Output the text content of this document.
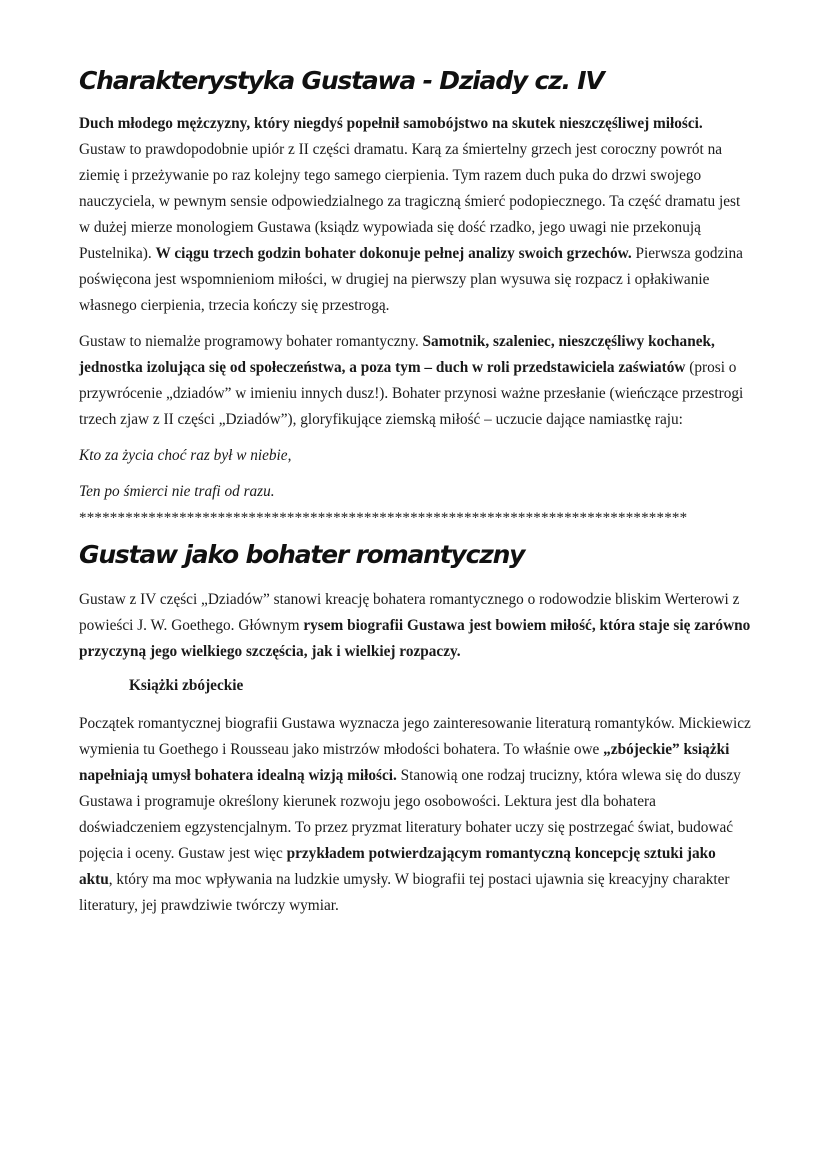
Charakterystyka Gustawa - Dziady cz. IV

Duch młodego mężczyzny, który niegdyś popełnił samobójstwo na skutek nieszczęśliwej miłości. Gustaw to prawdopodobnie upiór z II części dramatu. Karą za śmiertelny grzech jest coroczny powrót na ziemię i przeżywanie po raz kolejny tego samego cierpienia. Tym razem duch puka do drzwi swojego nauczyciela, w pewnym sensie odpowiedzialnego za tragiczną śmierć podopiecznego. Ta część dramatu jest w dużej mierze monologiem Gustawa (ksiądz wypowiada się dość rzadko, jego uwagi nie przekonują Pustelnika). W ciągu trzech godzin bohater dokonuje pełnej analizy swoich grzechów. Pierwsza godzina poświęcona jest wspomnieniom miłości, w drugiej na pierwszy plan wysuwa się rozpacz i opłakiwanie własnego cierpienia, trzecia kończy się przestrogą.

Gustaw to niemalże programowy bohater romantyczny. Samotnik, szaleniec, nieszczęśliwy kochanek, jednostka izolująca się od społeczeństwa, a poza tym – duch w roli przedstawiciela zaświatów (prosi o przywrócenie „dziadów” w imieniu innych dusz!). Bohater przynosi ważne przesłanie (wieńczące przestrogi trzech zjaw z II części „Dziadów”), gloryfikujące ziemską miłość – uczucie dające namiastkę raju:

Kto za życia choć raz był w niebie,

Ten po śmierci nie trafi od razu.

*******************************************************************************
Gustaw jako bohater romantyczny

Gustaw z IV części „Dziadów” stanowi kreację bohatera romantycznego o rodowodzie bliskim Werterowi z powieści J. W. Goethego. Głównym rysem biografii Gustawa jest bowiem miłość, która staje się zarówno przyczyną jego wielkiego szczęścia, jak i wielkiej rozpaczy.

Książki zbójeckie

Początek romantycznej biografii Gustawa wyznacza jego zainteresowanie literaturą romantyków. Mickiewicz wymienia tu Goethego i Rousseau jako mistrzów młodości bohatera. To właśnie owe „zbójeckie” książki napełniają umysł bohatera idealną wizją miłości. Stanowią one rodzaj trucizny, która wlewa się do duszy Gustawa i programuje określony kierunek rozwoju jego osobowości. Lektura jest dla bohatera doświadczeniem egzystencjalnym. To przez pryzmat literatury bohater uczy się postrzegać świat, budować pojęcia i oceny. Gustaw jest więc przykładem potwierdzającym romantyczną koncepcję sztuki jako aktu, który ma moc wpływania na ludzkie umysły. W biografii tej postaci ujawnia się kreacyjny charakter literatury, jej prawdziwie twórczy wymiar.
